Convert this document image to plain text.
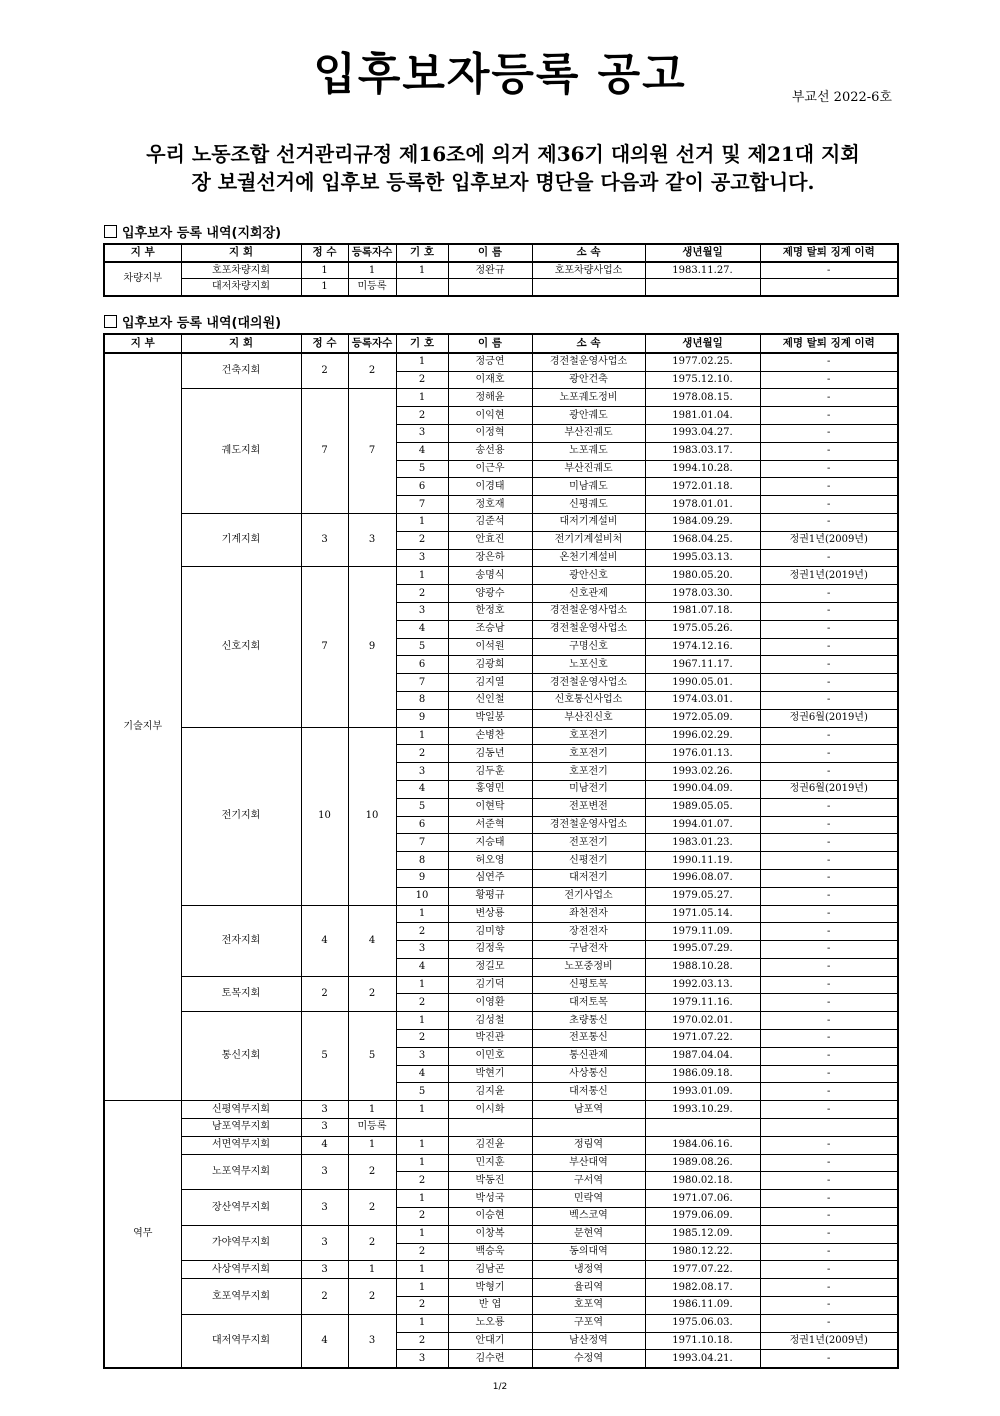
입후보자등록 공고	부교선 2022-6호
우리 노동조합 선거관리규정 제16조에 의거 제36기 대의원 선거 및 제21대 지회
장 보궐선거에 입후보 등록한 입후보자 명단을 다음과 같이 공고합니다.
입후보자 등록 내역(지회장)
지 부	지 회	정 수	등록자수	기 호	이 름	소 속	생년월일	제명 탈퇴 징계 이력
차량지부	호포차량지회	1	1	1	정완규	호포차량사업소	1983.11.27.	-
	대저차량지회	1	미등록					
입후보자 등록 내역(대의원)
지 부	지 회	정 수	등록자수	기 호	이 름	소 속	생년월일	제명 탈퇴 징계 이력
기술지부	건축지회	2	2	1	정긍연	경전철운영사업소	1977.02.25.	-
				2	이재호	광안건축	1975.12.10.	-
	궤도지회	7	7	1	정해윤	노포궤도정비	1978.08.15.	-
				2	이익현	광안궤도	1981.01.04.	-
				3	이정혁	부산진궤도	1993.04.27.	-
				4	송선용	노포궤도	1983.03.17.	-
				5	이근우	부산진궤도	1994.10.28.	-
				6	이경태	미남궤도	1972.01.18.	-
				7	정호재	신평궤도	1978.01.01.	-
	기계지회	3	3	1	김준석	대저기계설비	1984.09.29.	-
				2	안효진	전기기계설비처	1968.04.25.	정권1년(2009년)
				3	장은하	온천기계설비	1995.03.13.	-
	신호지회	7	9	1	송명식	광안신호	1980.05.20.	정권1년(2019년)
				2	양광수	신호관제	1978.03.30.	-
				3	한정호	경전철운영사업소	1981.07.18.	-
				4	조승남	경전철운영사업소	1975.05.26.	-
				5	이석원	구명신호	1974.12.16.	-
				6	김광희	노포신호	1967.11.17.	-
				7	김지열	경전철운영사업소	1990.05.01.	-
				8	신인철	신호통신사업소	1974.03.01.	-
				9	박일봉	부산진신호	1972.05.09.	정권6월(2019년)
	전기지회	10	10	1	손병찬	호포전기	1996.02.29.	-
				2	김동년	호포전기	1976.01.13.	-
				3	김두훈	호포전기	1993.02.26.	-
				4	홍영민	미남전기	1990.04.09.	정권6월(2019년)
				5	이현탁	전포변전	1989.05.05.	-
				6	서준혁	경전철운영사업소	1994.01.07.	-
				7	지승태	전포전기	1983.01.23.	-
				8	허오영	신평전기	1990.11.19.	-
				9	심연주	대저전기	1996.08.07.	-
				10	황평규	전기사업소	1979.05.27.	-
	전자지회	4	4	1	변상룡	좌천전자	1971.05.14.	-
				2	김미향	장전전자	1979.11.09.	-
				3	김정욱	구남전자	1995.07.29.	-
				4	정길모	노포중정비	1988.10.28.	-
	토목지회	2	2	1	김기덕	신평토목	1992.03.13.	-
				2	이영환	대저토목	1979.11.16.	-
	통신지회	5	5	1	김성철	초량통신	1970.02.01.	-
				2	박진관	전포통신	1971.07.22.	-
				3	이민호	통신관제	1987.04.04.	-
				4	박현기	사상통신	1986.09.18.	-
				5	김지윤	대저통신	1993.01.09.	-
역무	신평역무지회	3	1	1	이시화	남포역	1993.10.29.	-
	남포역무지회	3	미등록					
	서면역무지회	4	1	1	김진윤	정림역	1984.06.16.	-
	노포역무지회	3	2	1	민지훈	부산대역	1989.08.26.	-
				2	박동진	구서역	1980.02.18.	-
	장산역무지회	3	2	1	박성국	민락역	1971.07.06.	-
				2	이승현	벡스코역	1979.06.09.	-
	가야역무지회	3	2	1	이창복	문현역	1985.12.09.	-
				2	백승욱	동의대역	1980.12.22.	-
	사상역무지회	3	1	1	김남곤	냉정역	1977.07.22.	-
	호포역무지회	2	2	1	박형기	율리역	1982.08.17.	-
				2	반 엽	호포역	1986.11.09.	-
	대저역무지회	4	3	1	노오룡	구포역	1975.06.03.	-
				2	안대기	남산정역	1971.10.18.	정권1년(2009년)
				3	김수련	수정역	1993.04.21.	-
1/2
